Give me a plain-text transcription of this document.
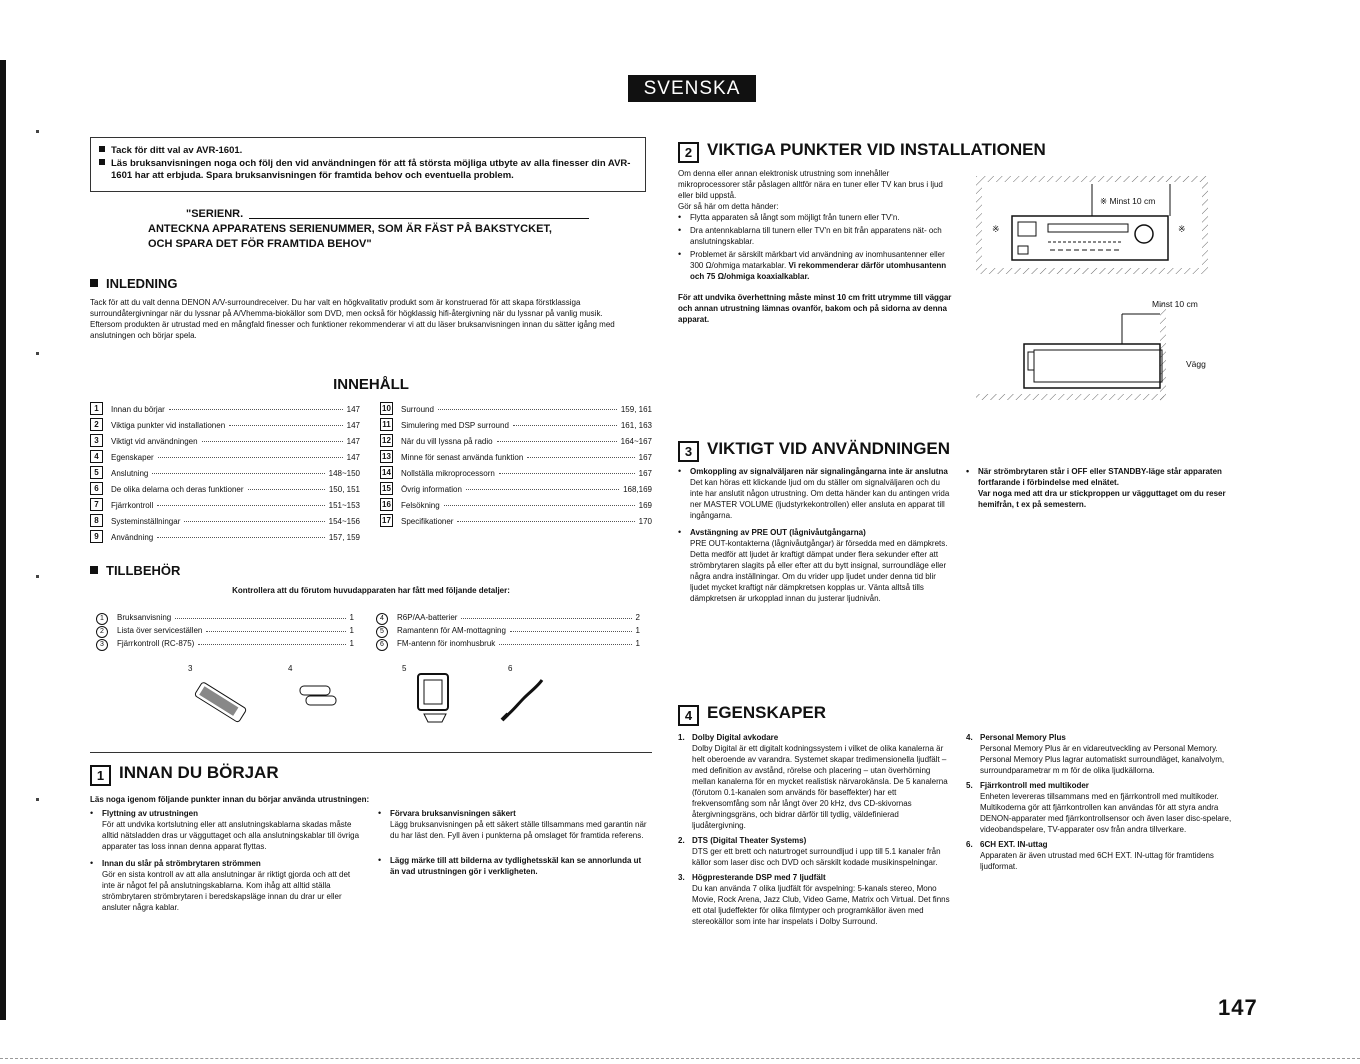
SVENSKA

Tack för ditt val av AVR-1601.

Läs bruksanvisningen noga och följ den vid användningen för att få största möjliga utbyte av alla finesser din AVR-1601 har att erbjuda. Spara bruksanvisningen för framtida behov och eventuella problem.

"SERIENR.
ANTECKNA APPARATENS SERIENUMMER, SOM ÄR FÄST PÅ BAKSTYCKET,
OCH SPARA DET FÖR FRAMTIDA BEHOV"
INLEDNING
Tack för att du valt denna DENON A/V-surroundreceiver. Du har valt en högkvalitativ produkt som är konstruerad för att skapa förstklassiga surroundåtergivningar när du lyssnar på A/Vhemma-biokällor som DVD, men också för högklassig hifi-återgivning när du lyssnar på vanlig musik.
Eftersom produkten är utrustad med en mångfald finesser och funktioner rekommenderar vi att du läser bruksanvisningen innan du sätter igång med anslutningen och börjar spela.
INNEHÅLL
1 Innan du börjar	147
2 Viktiga punkter vid installationen	147
3 Viktigt vid användningen	147
4 Egenskaper	147
5 Anslutning	148~150
6 De olika delarna och deras funktioner	150, 151
7 Fjärrkontroll	151~153
8 Systeminställningar	154~156
9 Användning	157, 159
10 Surround	159, 161
11 Simulering med DSP surround	161, 163
12 När du vill lyssna på radio	164~167
13 Minne för senast använda funktion	167
14 Nollställa mikroprocessorn	167
15 Övrig information	168,169
16 Felsökning	169
17 Specifikationer	170
TILLBEHÖR
Kontrollera att du förutom huvudapparaten har fått med följande detaljer:
1 Bruksanvisning	1
2 Lista över serviceställen	1
3 Fjärrkontroll (RC-875)	1
4 R6P/AA-batterier	2
5 Ramantenn för AM-mottagning	1
6 FM-antenn för inomhusbruk	1
3	4	5	6
1 INNAN DU BÖRJAR
Läs noga igenom följande punkter innan du börjar använda utrustningen:
• Flyttning av utrustningen
För att undvika kortslutning eller att anslutningskablarna skadas måste alltid nätsladden dras ur vägguttaget och alla anslutningskablar till övriga apparater tas loss innan denna apparat flyttas.
• Innan du slår på strömbrytaren strömmen
Gör en sista kontroll av att alla anslutningar är riktigt gjorda och att det inte är något fel på anslutningskablarna. Kom ihåg att alltid ställa strömbrytaren strömbrytaren i beredskapsläge innan du drar ur eller ansluter några kablar.
• Förvara bruksanvisningen säkert
Lägg bruksanvisningen på ett säkert ställe tillsammans med garantin när du har läst den. Fyll även i punkterna på omslaget för framtida referens.
• Lägg märke till att bilderna av tydlighetsskäl kan se annorlunda ut än vad utrustningen gör i verkligheten.
2 VIKTIGA PUNKTER VID INSTALLATIONEN
Om denna eller annan elektronisk utrustning som innehåller mikroprocessorer står påslagen alltför nära en tuner eller TV kan brus i ljud eller bild uppstå.
Gör så här om detta händer:
• Flytta apparaten så långt som möjligt från tunern eller TV'n.
• Dra antennkablarna till tunern eller TV'n en bit från apparatens nät- och anslutningskablar.
• Problemet är särskilt märkbart vid användning av inomhusantenner eller 300 Ω/ohmiga matarkablar. Vi rekommenderar därför utomhusantenn och 75 Ω/ohmiga koaxialkablar.
För att undvika överhettning måste minst 10 cm fritt utrymme till väggar och annan utrustning lämnas ovanför, bakom och på sidorna av denna apparat.
※ Minst 10 cm
※	※
Minst 10 cm
Vägg
3 VIKTIGT VID ANVÄNDNINGEN
• Omkoppling av signalväljaren när signalingångarna inte är anslutna
Det kan höras ett klickande ljud om du ställer om signalväljaren och du inte har anslutit någon utrustning. Om detta händer kan du antingen vrida ner MASTER VOLUME (ljudstyrkekontrollen) eller ansluta en apparat till ingångarna.
• Avstängning av PRE OUT (lågnivåutgångarna)
PRE OUT-kontakterna (lågnivåutgångar) är försedda med en dämpkrets. Detta medför att ljudet är kraftigt dämpat under flera sekunder efter att strömbrytaren slagits på eller efter att du bytt insignal, surroundläge eller några andra inställningar. Om du vrider upp ljudet under denna tid blir ljudet mycket kraftigt när dämpkretsen kopplas ur. Vänta alltså tills dämpkretsen är urkopplad innan du justerar ljudnivån.
• När strömbrytaren står i OFF eller STANDBY-läge står apparaten fortfarande i förbindelse med elnätet.
Var noga med att dra ur stickproppen ur vägguttaget om du reser hemifrån, t ex på semestern.
4 EGENSKAPER
1. Dolby Digital avkodare
Dolby Digital är ett digitalt kodningssystem i vilket de olika kanalerna är helt oberoende av varandra. Systemet skapar tredimensionella ljudfält – med definition av avstånd, rörelse och placering – utan överhörning mellan kanalerna för en mycket realistisk närvarokänsla. De 5 kanalerna (förutom 0.1-kanalen som används för baseffekter) har ett frekvensomfång som når långt över 20 kHz, dvs CD-skivornas återgivningsgräns, och bidrar därför till tydlig, väldefinierad ljudåtergivning.
2. DTS (Digital Theater Systems)
DTS ger ett brett och naturtroget surroundljud i upp till 5.1 kanaler från källor som laser disc och DVD och särskilt kodade musikinspelningar.
3. Högpresterande DSP med 7 ljudfält
Du kan använda 7 olika ljudfält för avspelning: 5-kanals stereo, Mono Movie, Rock Arena, Jazz Club, Video Game, Matrix och Virtual. Det finns ett otal ljudeffekter för olika filmtyper och programkällor även med stereokällor som inte har inspelats i Dolby Surround.
4. Personal Memory Plus
Personal Memory Plus är en vidareutveckling av Personal Memory. Personal Memory Plus lagrar automatiskt surroundläget, kanalvolym, surroundparametrar m m för de olika ljudkällorna.
5. Fjärrkontroll med multikoder
Enheten levereras tillsammans med en fjärrkontroll med multikoder. Multikoderna gör att fjärrkontrollen kan användas för att styra andra DENON-apparater med fjärrkontrollsensor och även laser disc-spelare, videobandspelare, TV-apparater osv från andra tillverkare.
6. 6CH EXT. IN-uttag
Apparaten är även utrustad med 6CH EXT. IN-uttag för framtidens ljudformat.
147
